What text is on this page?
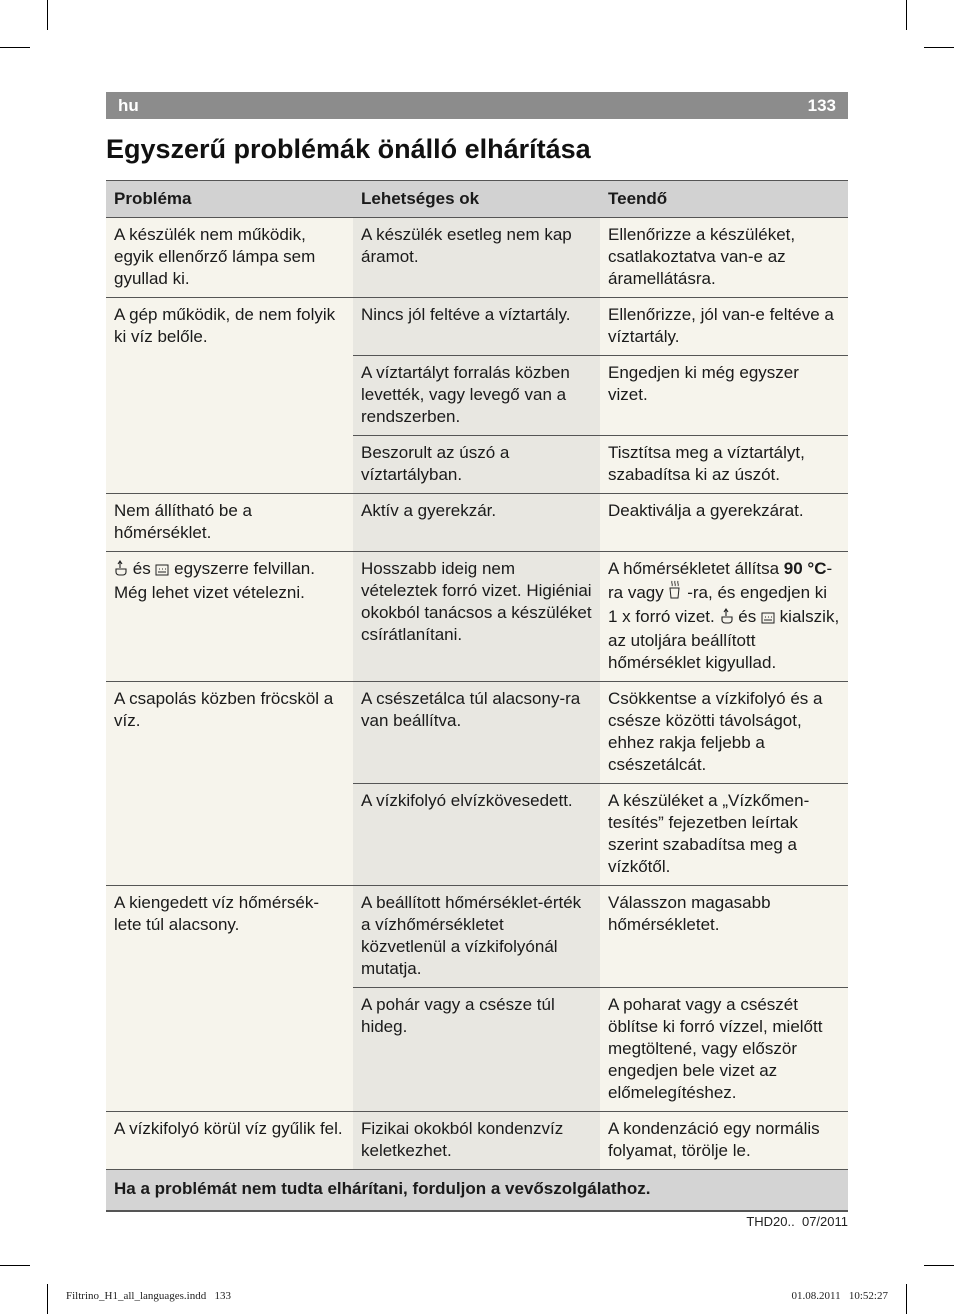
hu	133
Egyszerű problémák önálló elhárítása
Probléma	Lehetséges ok	Teendő
A készülék nem működik, egyik ellenőrző lámpa sem gyullad ki.	A készülék esetleg nem kap áramot.	Ellenőrizze a készüléket, csatlakoztatva van-e az áramellátásra.
A gép működik, de nem folyik ki víz belőle.	Nincs jól feltéve a víztartály.	Ellenőrizze, jól van-e feltéve a víztartály.
	A víztartályt forralás közben levették, vagy levegő van a rendszerben.	Engedjen ki még egyszer vizet.
	Beszorult az úszó a víztartályban.	Tisztítsa meg a víztartályt, szabadítsa ki az úszót.
Nem állítható be a hőmérséklet.	Aktív a gyerekzár.	Deaktiválja a gyerekzárat.
és egyszerre felvillan. Még lehet vizet vételezni.	Hosszabb ideig nem vételeztek forró vizet. Higiéniai okokból tanácsos a készüléket csírátlanítani.	A hőmérsékletet állítsa 90 °C-ra vagy -ra, és engedjen ki 1 x forró vizet. és kialszik, az utoljára beállított hőmérséklet kigyullad.
A csapolás közben fröcsköl a víz.	A csészetálca túl alacsony-ra van beállítva.	Csökkentse a vízkifolyó és a csésze közötti távolságot, ehhez rakja feljebb a csészetálcát.
	A vízkifolyó elvízkövesedett.	A készüléket a „Vízkőmen-tesítés” fejezetben leírtak szerint szabadítsa meg a vízkőtől.
A kiengedett víz hőmérsék-lete túl alacsony.	A beállított hőmérséklet-érték a vízhőmérsékletet közvetlenül a vízkifolyónál mutatja.	Válasszon magasabb hőmérsékletet.
	A pohár vagy a csésze túl hideg.	A poharat vagy a csészét öblítse ki forró vízzel, mielőtt megtöltené, vagy először engedjen bele vizet az előmelegítéshez.
A vízkifolyó körül víz gyűlik fel.	Fizikai okokból kondenzvíz keletkezhet.	A kondenzáció egy normális folyamat, törölje le.
Ha a problémát nem tudta elhárítani, forduljon a vevőszolgálathoz.		
THD20..  07/2011
Filtrino_H1_all_languages.indd   133	01.08.2011   10:52:27
